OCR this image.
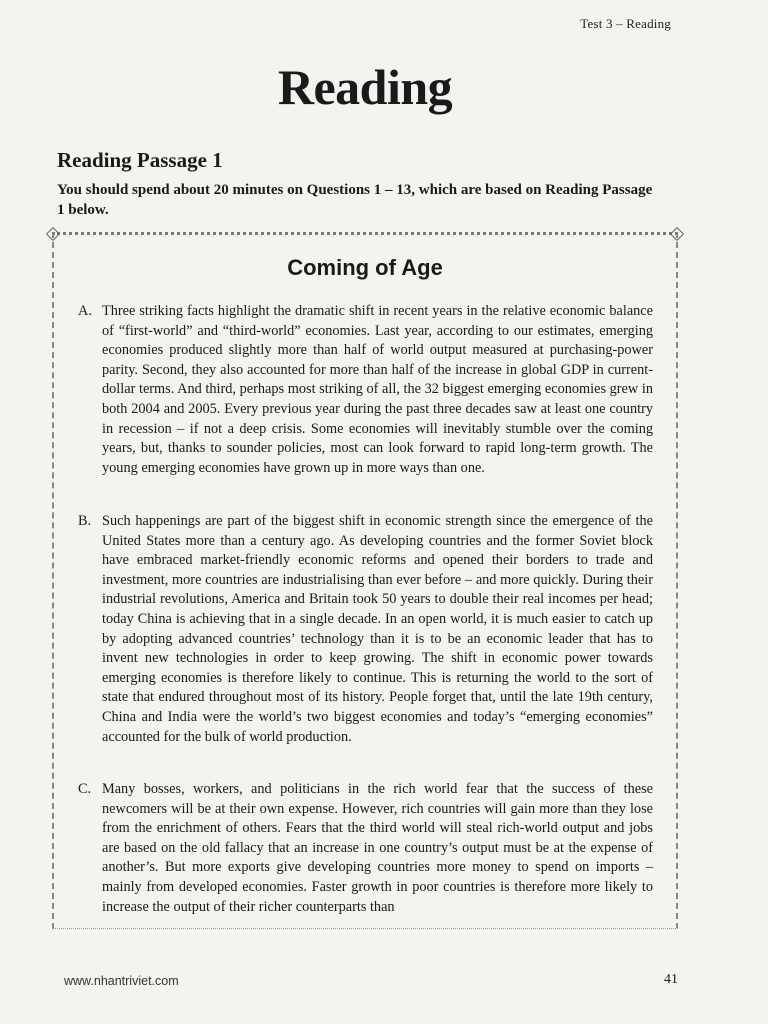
Test 3 – Reading
Reading
Reading Passage 1
You should spend about 20 minutes on Questions 1 – 13, which are based on Reading Passage 1 below.
Coming of Age
A. Three striking facts highlight the dramatic shift in recent years in the relative economic balance of “first-world” and “third-world” economies. Last year, according to our estimates, emerging economies produced slightly more than half of world output measured at purchasing-power parity. Second, they also accounted for more than half of the increase in global GDP in current-dollar terms. And third, perhaps most striking of all, the 32 biggest emerging economies grew in both 2004 and 2005. Every previous year during the past three decades saw at least one country in recession – if not a deep crisis. Some economies will inevitably stumble over the coming years, but, thanks to sounder policies, most can look forward to rapid long-term growth. The young emerging economies have grown up in more ways than one.
B. Such happenings are part of the biggest shift in economic strength since the emergence of the United States more than a century ago. As developing countries and the former Soviet block have embraced market-friendly economic reforms and opened their borders to trade and investment, more countries are industrialising than ever before – and more quickly. During their industrial revolutions, America and Britain took 50 years to double their real incomes per head; today China is achieving that in a single decade. In an open world, it is much easier to catch up by adopting advanced countries’ technology than it is to be an economic leader that has to invent new technologies in order to keep growing. The shift in economic power towards emerging economies is therefore likely to continue. This is returning the world to the sort of state that endured throughout most of its history. People forget that, until the late 19th century, China and India were the world’s two biggest economies and today’s “emerging economies” accounted for the bulk of world production.
C. Many bosses, workers, and politicians in the rich world fear that the success of these newcomers will be at their own expense. However, rich countries will gain more than they lose from the enrichment of others. Fears that the third world will steal rich-world output and jobs are based on the old fallacy that an increase in one country’s output must be at the expense of another’s. But more exports give developing countries more money to spend on imports – mainly from developed economies. Faster growth in poor countries is therefore more likely to increase the output of their richer counterparts than
www.nhantriviet.com	41
